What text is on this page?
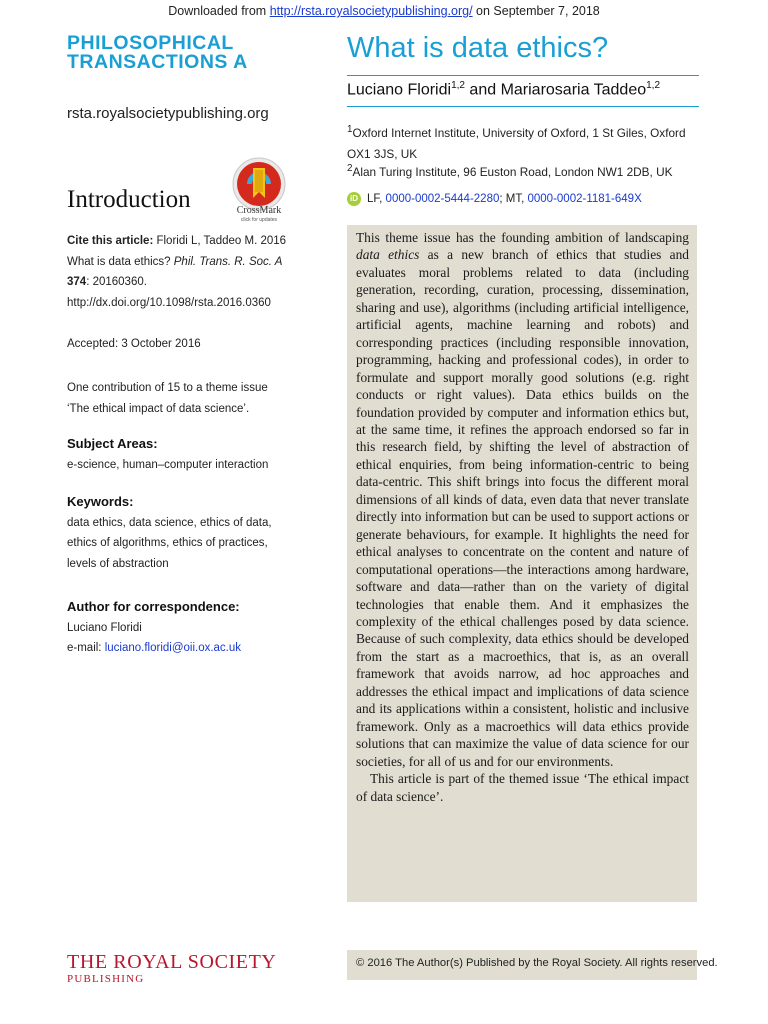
Downloaded from http://rsta.royalsocietypublishing.org/ on September 7, 2018
PHILOSOPHICAL
TRANSACTIONS A
rsta.royalsocietypublishing.org
Introduction	CrossMark
click for updates
Cite this article: Floridi L, Taddeo M. 2016 What is data ethics? Phil. Trans. R. Soc. A 374: 20160360.
http://dx.doi.org/10.1098/rsta.2016.0360
Accepted: 3 October 2016
One contribution of 15 to a theme issue ‘The ethical impact of data science’.
Subject Areas:
e-science, human–computer interaction
Keywords:
data ethics, data science, ethics of data, ethics of algorithms, ethics of practices, levels of abstraction
Author for correspondence:
Luciano Floridi
e-mail: luciano.floridi@oii.ox.ac.uk
What is data ethics?
Luciano Floridi$^{1,2}$ and Mariarosaria Taddeo$^{1,2}$
$^1$Oxford Internet Institute, University of Oxford, 1 St Giles, Oxford OX1 3JS, UK
$^2$Alan Turing Institute, 96 Euston Road, London NW1 2DB, UK
iD LF,
0000-0002-5444-2280 ; MT,
0000-0002-1181-649X

This theme issue has the founding ambition of landscaping data ethics as a new branch of ethics that studies and evaluates moral problems related to data (including generation, recording, curation, processing, dissemination, sharing and use), algorithms (including artificial intelligence, artificial agents, machine learning and robots) and corresponding practices (including responsible innovation, programming, hacking and professional codes), in order to formulate and support morally good solutions (e.g. right conducts or right values). Data ethics builds on the foundation provided by computer and information ethics but, at the same time, it refines the approach endorsed so far in this research field, by shifting the level of abstraction of ethical enquiries, from being information-centric to being data-centric. This shift brings into focus the different moral dimensions of all kinds of data, even data that never translate directly into information but can be used to support actions or generate behaviours, for example. It highlights the need for ethical analyses to concentrate on the content and nature of computational operations—the interactions among hardware, software and data—rather than on the variety of digital technologies that enable them. And it emphasizes the complexity of the ethical challenges posed by data science. Because of such complexity, data ethics should be developed from the start as a macroethics, that is, as an overall framework that avoids narrow, ad hoc approaches and addresses the ethical impact and implications of data science and its applications within a consistent, holistic and inclusive framework. Only as a macroethics will data ethics provide solutions that can maximize the value of data science for our societies, for all of us and for our environments.

This article is part of the themed issue ‘The ethical impact of data science’.

THE ROYAL SOCIETY
PUBLISHING
© 2016 The Author(s) Published by the Royal Society. All rights reserved.
